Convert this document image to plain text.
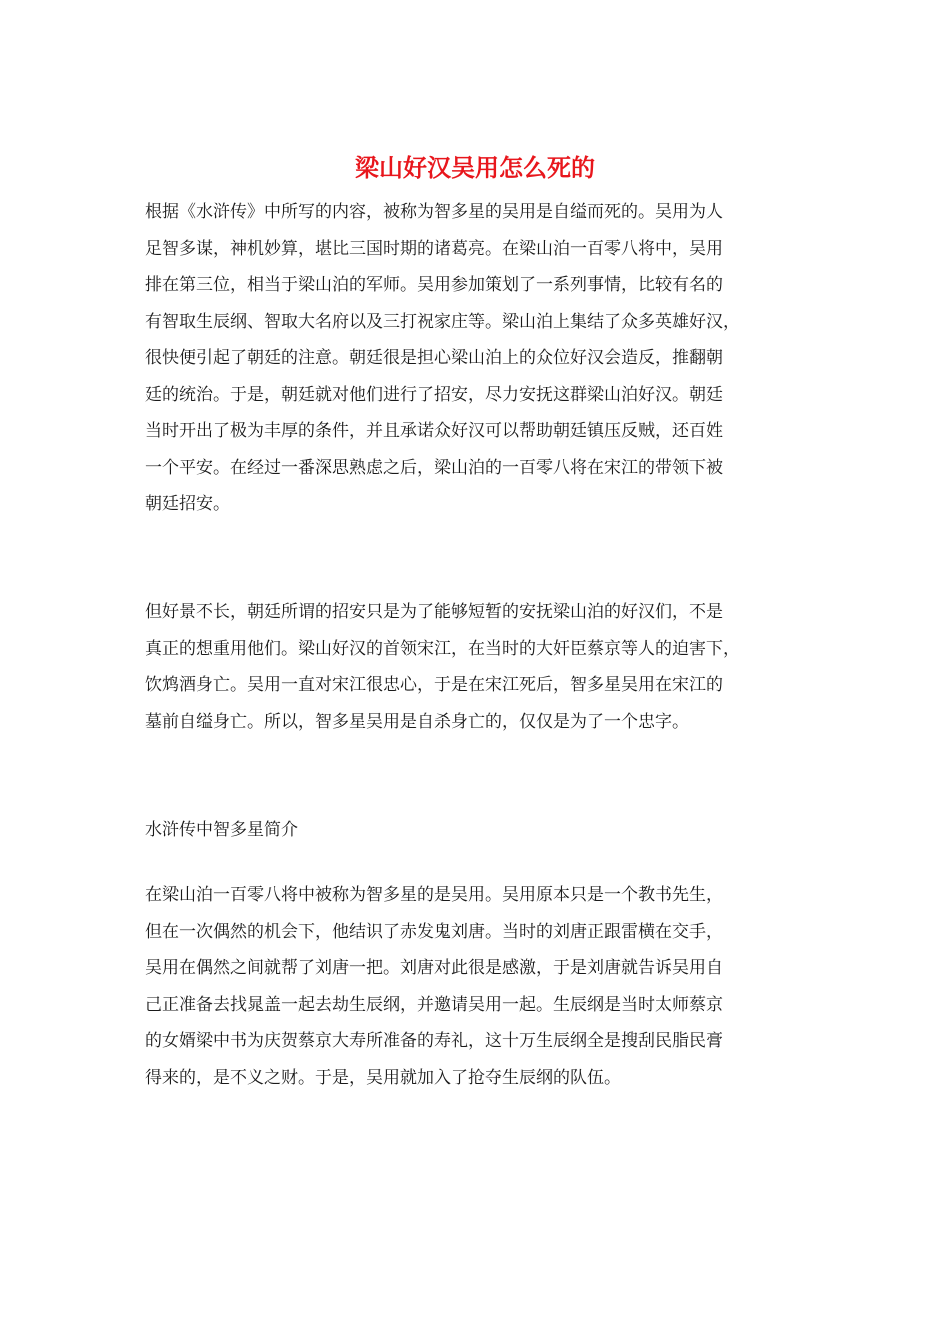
梁山好汉吴用怎么死的

根据《水浒传》中所写的内容，被称为智多星的吴用是自缢而死的。吴用为人
足智多谋，神机妙算，堪比三国时期的诸葛亮。在梁山泊一百零八将中，吴用
排在第三位，相当于梁山泊的军师。吴用参加策划了一系列事情，比较有名的
有智取生辰纲、智取大名府以及三打祝家庄等。梁山泊上集结了众多英雄好汉，
很快便引起了朝廷的注意。朝廷很是担心梁山泊上的众位好汉会造反，推翻朝
廷的统治。于是，朝廷就对他们进行了招安，尽力安抚这群梁山泊好汉。朝廷
当时开出了极为丰厚的条件，并且承诺众好汉可以帮助朝廷镇压反贼，还百姓
一个平安。在经过一番深思熟虑之后，梁山泊的一百零八将在宋江的带领下被
朝廷招安。

但好景不长，朝廷所谓的招安只是为了能够短暂的安抚梁山泊的好汉们，不是
真正的想重用他们。梁山好汉的首领宋江，在当时的大奸臣蔡京等人的迫害下，
饮鸩酒身亡。吴用一直对宋江很忠心，于是在宋江死后，智多星吴用在宋江的
墓前自缢身亡。所以，智多星吴用是自杀身亡的，仅仅是为了一个忠字。

水浒传中智多星简介

在梁山泊一百零八将中被称为智多星的是吴用。吴用原本只是一个教书先生，
但在一次偶然的机会下，他结识了赤发鬼刘唐。当时的刘唐正跟雷横在交手，
吴用在偶然之间就帮了刘唐一把。刘唐对此很是感激，于是刘唐就告诉吴用自
己正准备去找晁盖一起去劫生辰纲，并邀请吴用一起。生辰纲是当时太师蔡京
的女婿梁中书为庆贺蔡京大寿所准备的寿礼，这十万生辰纲全是搜刮民脂民膏
得来的，是不义之财。于是，吴用就加入了抢夺生辰纲的队伍。
